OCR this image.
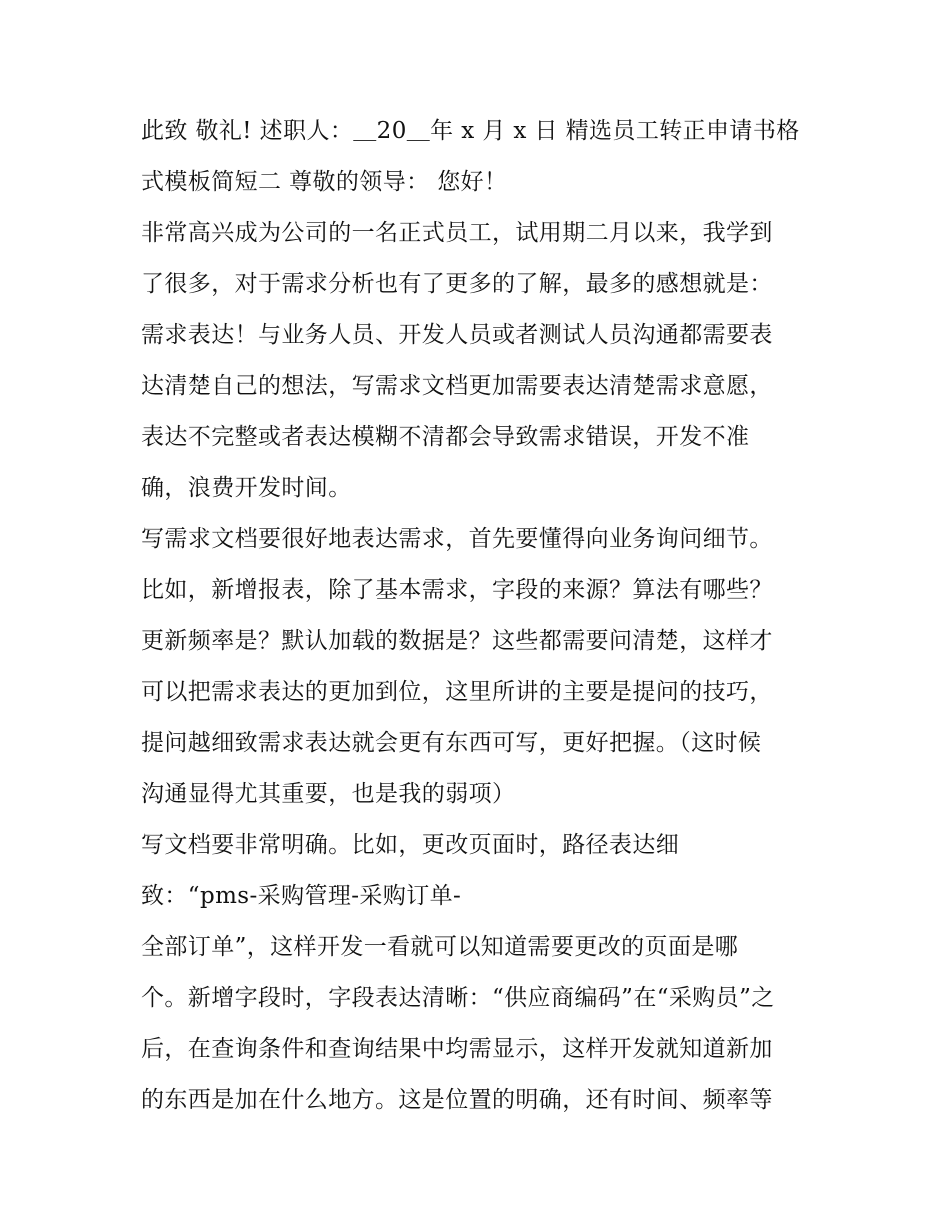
此致 敬礼! 述职人：＿20＿年 x 月 x 日 精选员工转正申请书格
式模板简短二 尊敬的领导： 您好！
非常高兴成为公司的一名正式员工，试用期二月以来，我学到
了很多，对于需求分析也有了更多的了解，最多的感想就是：
需求表达！与业务人员、开发人员或者测试人员沟通都需要表
达清楚自己的想法，写需求文档更加需要表达清楚需求意愿，
表达不完整或者表达模糊不清都会导致需求错误，开发不准
确，浪费开发时间。
写需求文档要很好地表达需求，首先要懂得向业务询问细节。
比如，新增报表，除了基本需求，字段的来源？算法有哪些？
更新频率是？默认加载的数据是？这些都需要问清楚，这样才
可以把需求表达的更加到位，这里所讲的主要是提问的技巧，
提问越细致需求表达就会更有东西可写，更好把握。（这时候
沟通显得尤其重要，也是我的弱项）
写文档要非常明确。比如，更改页面时，路径表达细
致：“pms-采购管理-采购订单-
全部订单”，这样开发一看就可以知道需要更改的页面是哪
个。新增字段时，字段表达清晰：“供应商编码”在“采购员”之
后，在查询条件和查询结果中均需显示，这样开发就知道新加
的东西是加在什么地方。这是位置的明确，还有时间、频率等
